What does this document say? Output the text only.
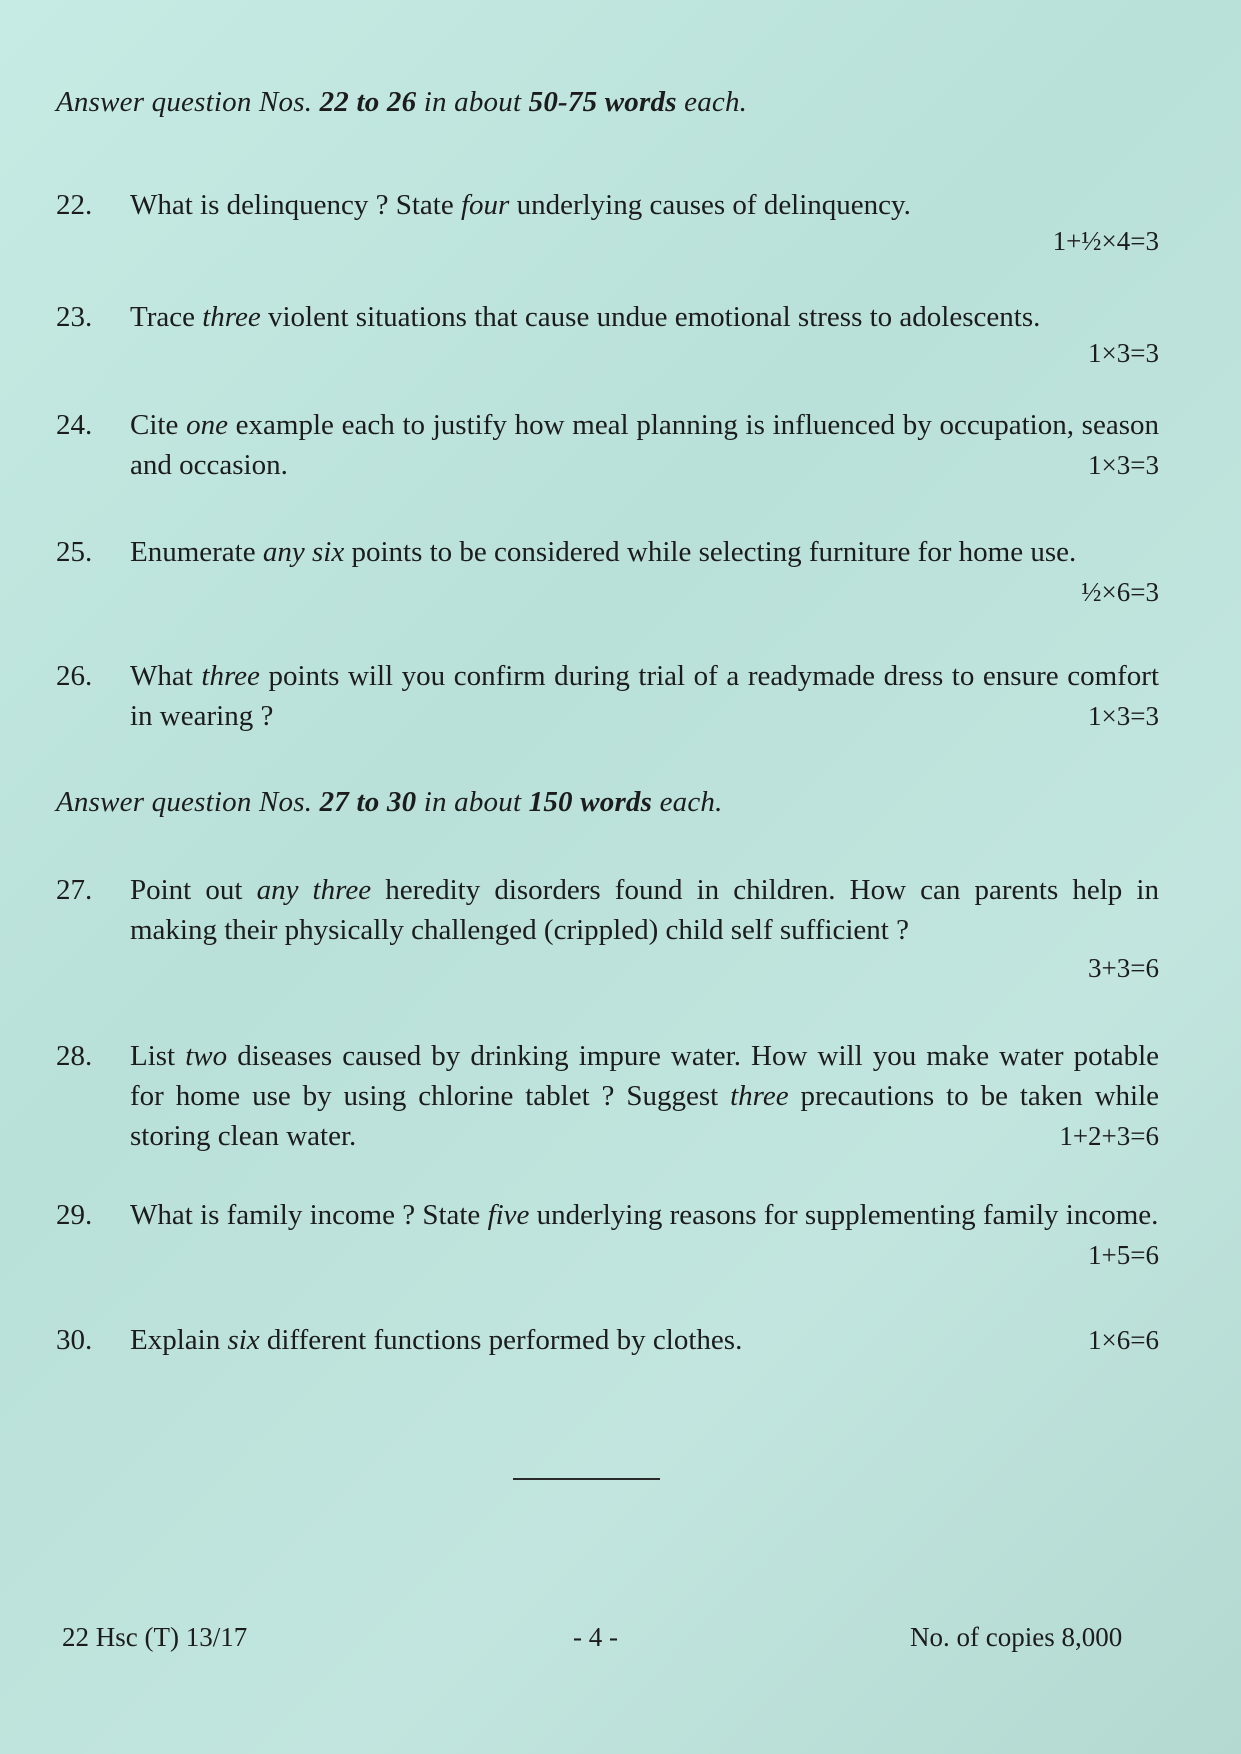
Answer question Nos. 22 to 26 in about 50-75 words each.
22.	What is delinquency ? State four underlying causes of delinquency.
1+½×4=3
23.	Trace three violent situations that cause undue emotional stress to adolescents.
1×3=3
24.	Cite one example each to justify how meal planning is influenced by occupation, season and occasion.	1×3=3
25.	Enumerate any six points to be considered while selecting furniture for home use.
½×6=3
26.	What three points will you confirm during trial of a readymade dress to ensure comfort in wearing ?	1×3=3
Answer question Nos. 27 to 30 in about 150 words each.
27.	Point out any three heredity disorders found in children. How can parents help in making their physically challenged (crippled) child self sufficient ?
3+3=6
28.	List two diseases caused by drinking impure water. How will you make water potable for home use by using chlorine tablet ? Suggest three precautions to be taken while storing clean water.	1+2+3=6
29.	What is family income ? State five underlying reasons for supplementing family income.
1+5=6
30.	Explain six different functions performed by clothes.	1×6=6
22 Hsc (T) 13/17	- 4 -	No. of copies 8,000
